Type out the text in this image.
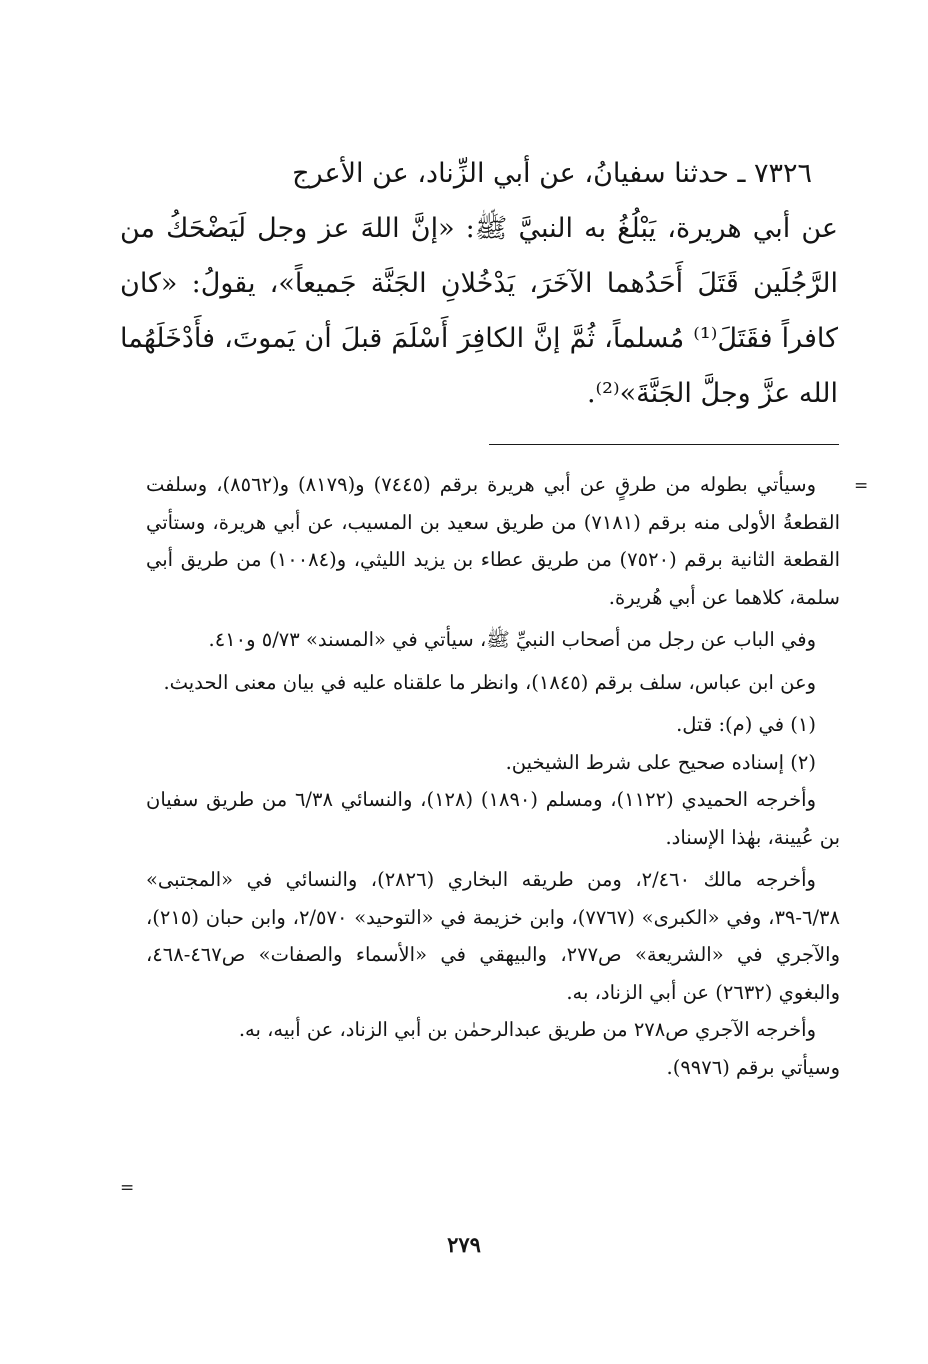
٧٣٢٦ ـ حدثنا سفيانُ، عن أبي الزِّناد، عن الأعرج

عن أبي هريرة، يَبْلُغُ به النبيَّ ﷺ: «إنَّ اللهَ عز وجل لَيَضْحَكُ من الرَّجُلَين قَتَلَ أَحَدُهما الآخَرَ، يَدْخُلانِ الجَنَّة جَميعاً»، يقولُ: «كان كافراً فقَتَلَ⁽¹⁾ مُسلماً، ثُمَّ إنَّ الكافِرَ أَسْلَمَ قبلَ أن يَموتَ، فأَدْخَلَهُما الله عزَّ وجلَّ الجَنَّةَ»⁽²⁾.

=

وسيأتي بطوله من طرقٍ عن أبي هريرة برقم (٧٤٤٥) و(٨١٧٩) و(٨٥٦٢)، وسلفت القطعةُ الأولى منه برقم (٧١٨١) من طريق سعيد بن المسيب، عن أبي هريرة، وستأتي القطعة الثانية برقم (٧٥٢٠) من طريق عطاء بن يزيد الليثي، و(١٠٠٨٤) من طريق أبي سلمة، كلاهما عن أبي هُريرة.

وفي الباب عن رجل من أصحاب النبيِّ ﷺ، سيأتي في «المسند» ٥/٧٣ و٤١٠.

وعن ابن عباس، سلف برقم (١٨٤٥)، وانظر ما علقناه عليه في بيان معنى الحديث.

(١) في (م): قتل.

(٢) إسناده صحيح على شرط الشيخين.

وأخرجه الحميدي (١١٢٢)، ومسلم (١٨٩٠) (١٢٨)، والنسائي ٦/٣٨ من طريق سفيان بن عُيينة، بهٰذا الإسناد.

وأخرجه مالك ٢/٤٦٠، ومن طريقه البخاري (٢٨٢٦)، والنسائي في «المجتبى» ٦/٣٨-٣٩، وفي «الكبرى» (٧٧٦٧)، وابن خزيمة في «التوحيد» ٢/٥٧٠، وابن حبان (٢١٥)، والآجري في «الشريعة» ص٢٧٧، والبيهقي في «الأسماء والصفات» ص٤٦٧-٤٦٨، والبغوي (٢٦٣٢) عن أبي الزناد، به.

وأخرجه الآجري ص٢٧٨ من طريق عبدالرحمٰن بن أبي الزناد، عن أبيه، به.

وسيأتي برقم (٩٩٧٦).

=
٢٧٩
